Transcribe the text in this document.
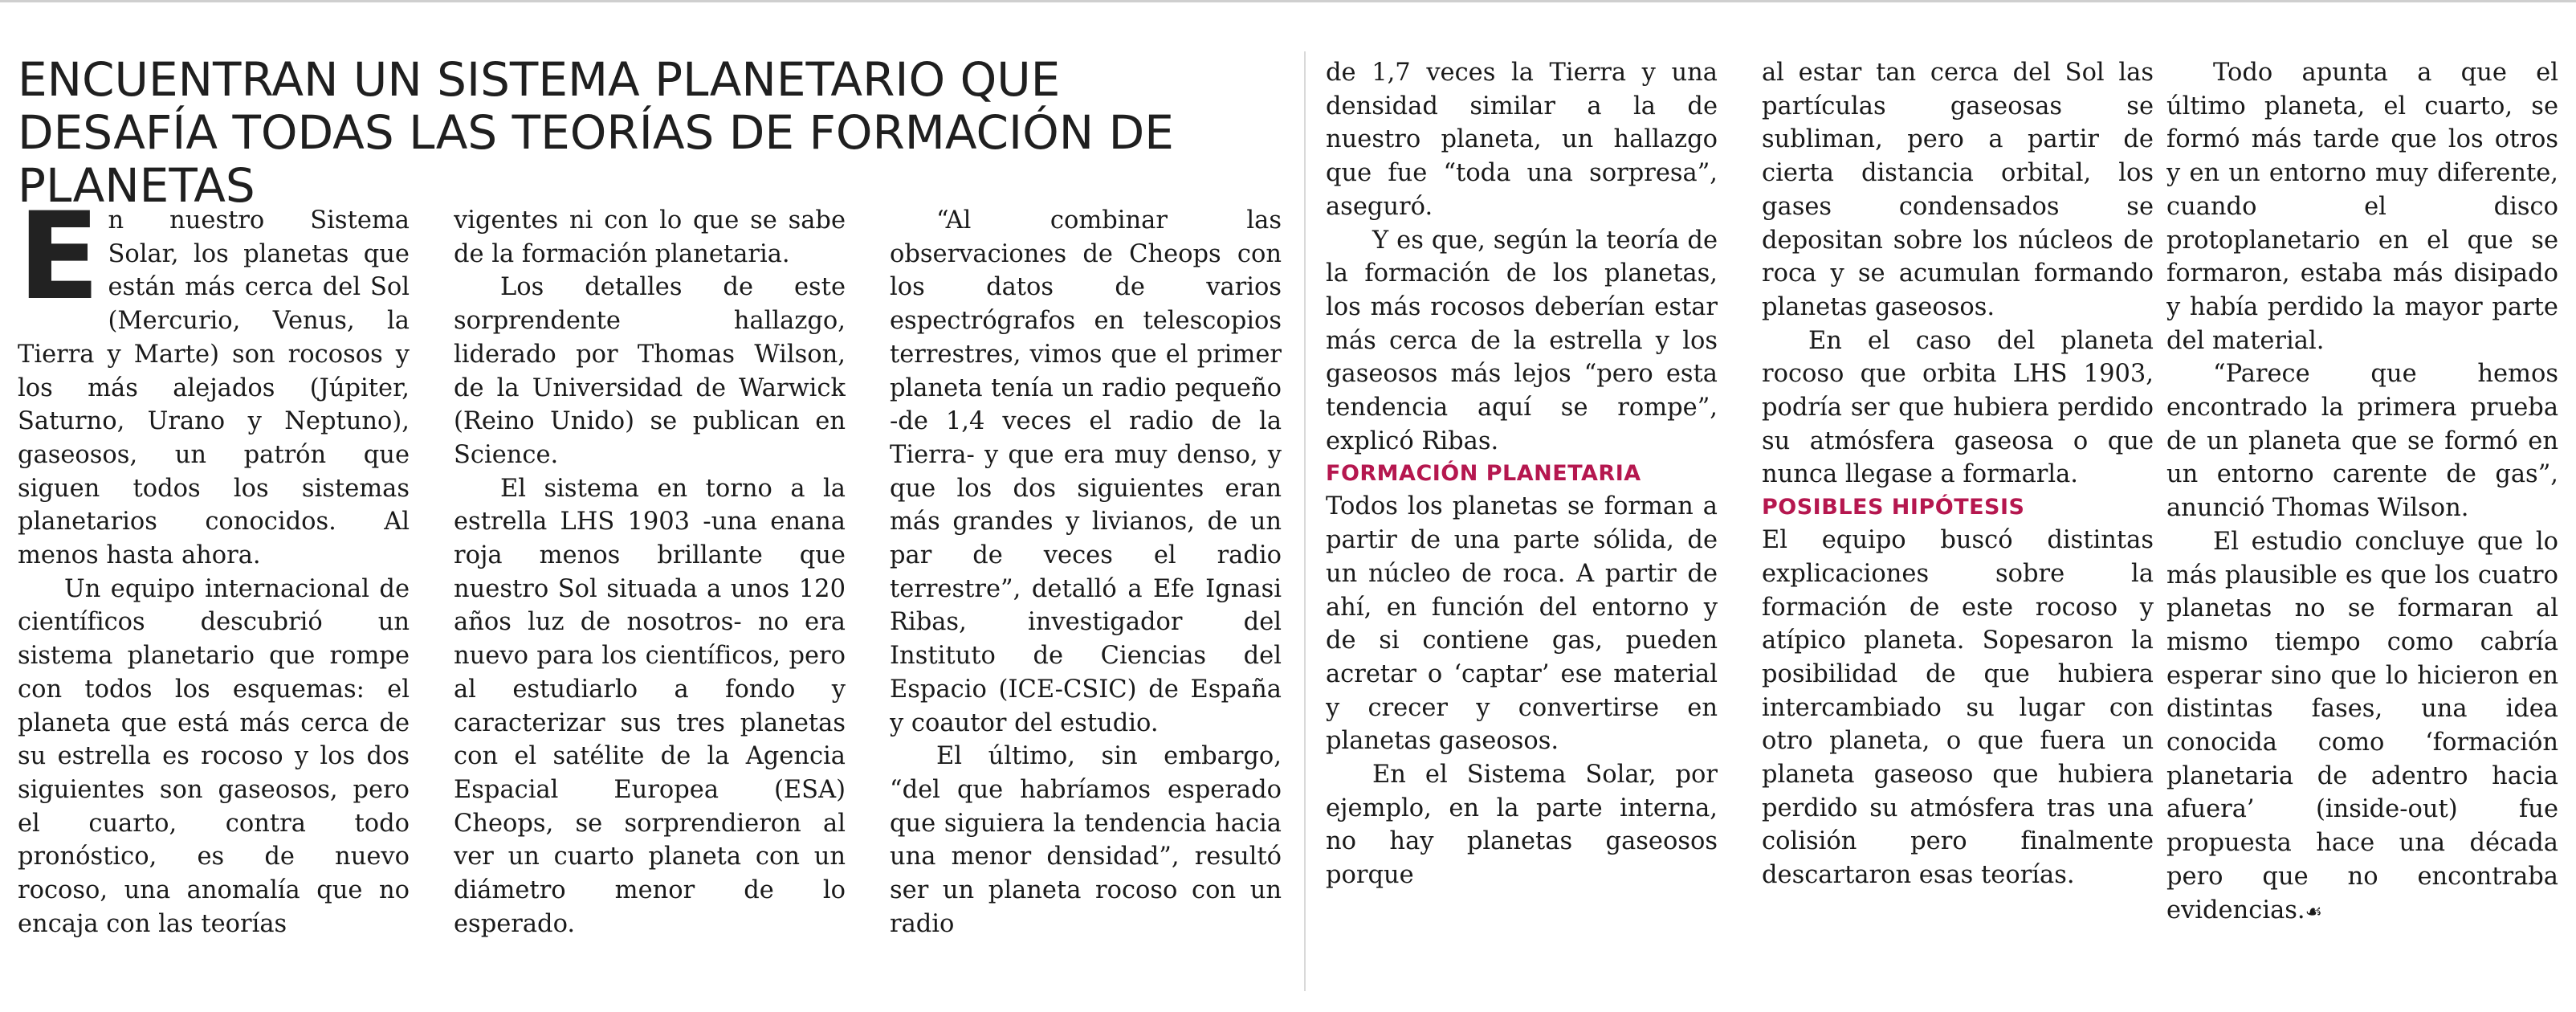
ENCUENTRAN UN SISTEMA PLANETARIO QUE DESAFÍA TODAS LAS TEORÍAS DE FORMACIÓN DE PLANETAS

En nuestro Sistema Solar, los planetas que están más cerca del Sol (Mercurio, Venus, la Tierra y Marte) son rocosos y los más alejados (Júpiter, Saturno, Urano y Neptuno), gaseosos, un patrón que siguen todos los sistemas planetarios conocidos. Al menos hasta ahora.

Un equipo internacional de científicos descubrió un sistema planetario que rompe con todos los esquemas: el planeta que está más cerca de su estrella es rocoso y los dos siguientes son gaseosos, pero el cuarto, contra todo pronóstico, es de nuevo rocoso, una anomalía que no encaja con las teorías

vigentes ni con lo que se sabe de la formación planetaria.

Los detalles de este sorprendente hallazgo, liderado por Thomas Wilson, de la Universidad de Warwick (Reino Unido) se publican en Science.

El sistema en torno a la estrella LHS 1903 -una enana roja menos brillante que nuestro Sol situada a unos 120 años luz de nosotros- no era nuevo para los científicos, pero al estudiarlo a fondo y caracterizar sus tres planetas con el satélite de la Agencia Espacial Europea (ESA) Cheops, se sorprendieron al ver un cuarto planeta con un diámetro menor de lo esperado.

“Al combinar las observaciones de Cheops con los datos de varios espectrógrafos en telescopios terrestres, vimos que el primer planeta tenía un radio pequeño -de 1,4 veces el radio de la Tierra- y que era muy denso, y que los dos siguientes eran más grandes y livianos, de un par de veces el radio terrestre”, detalló a Efe Ignasi Ribas, investigador del Instituto de Ciencias del Espacio (ICE-CSIC) de España y coautor del estudio.

El último, sin embargo, “del que habríamos esperado que siguiera la tendencia hacia una menor densidad”, resultó ser un planeta rocoso con un radio

de 1,7 veces la Tierra y una densidad similar a la de nuestro planeta, un hallazgo que fue “toda una sorpresa”, aseguró.

Y es que, según la teoría de la formación de los planetas, los más rocosos deberían estar más cerca de la estrella y los gaseosos más lejos “pero esta tendencia aquí se rompe”, explicó Ribas.

FORMACIÓN PLANETARIA

Todos los planetas se forman a partir de una parte sólida, de un núcleo de roca. A partir de ahí, en función del entorno y de si contiene gas, pueden acretar o ‘captar’ ese material y crecer y convertirse en planetas gaseosos.

En el Sistema Solar, por ejemplo, en la parte interna, no hay planetas gaseosos porque

al estar tan cerca del Sol las partículas gaseosas se subliman, pero a partir de cierta distancia orbital, los gases condensados se depositan sobre los núcleos de roca y se acumulan formando planetas gaseosos.

En el caso del planeta rocoso que orbita LHS 1903, podría ser que hubiera perdido su atmósfera gaseosa o que nunca llegase a formarla.

POSIBLES HIPÓTESIS

El equipo buscó distintas explicaciones sobre la formación de este rocoso y atípico planeta. Sopesaron la posibilidad de que hubiera intercambiado su lugar con otro planeta, o que fuera un planeta gaseoso que hubiera perdido su atmósfera tras una colisión pero finalmente descartaron esas teorías.

Todo apunta a que el último planeta, el cuarto, se formó más tarde que los otros y en un entorno muy diferente, cuando el disco protoplanetario en el que se formaron, estaba más disipado y había perdido la mayor parte del material.

“Parece que hemos encontrado la primera prueba de un planeta que se formó en un entorno carente de gas”, anunció Thomas Wilson.

El estudio concluye que lo más plausible es que los cuatro planetas no se formaran al mismo tiempo como cabría esperar sino que lo hicieron en distintas fases, una idea conocida como ‘formación planetaria de adentro hacia afuera’ (inside-out) fue propuesta hace una década pero que no encontraba evidencias.☙
